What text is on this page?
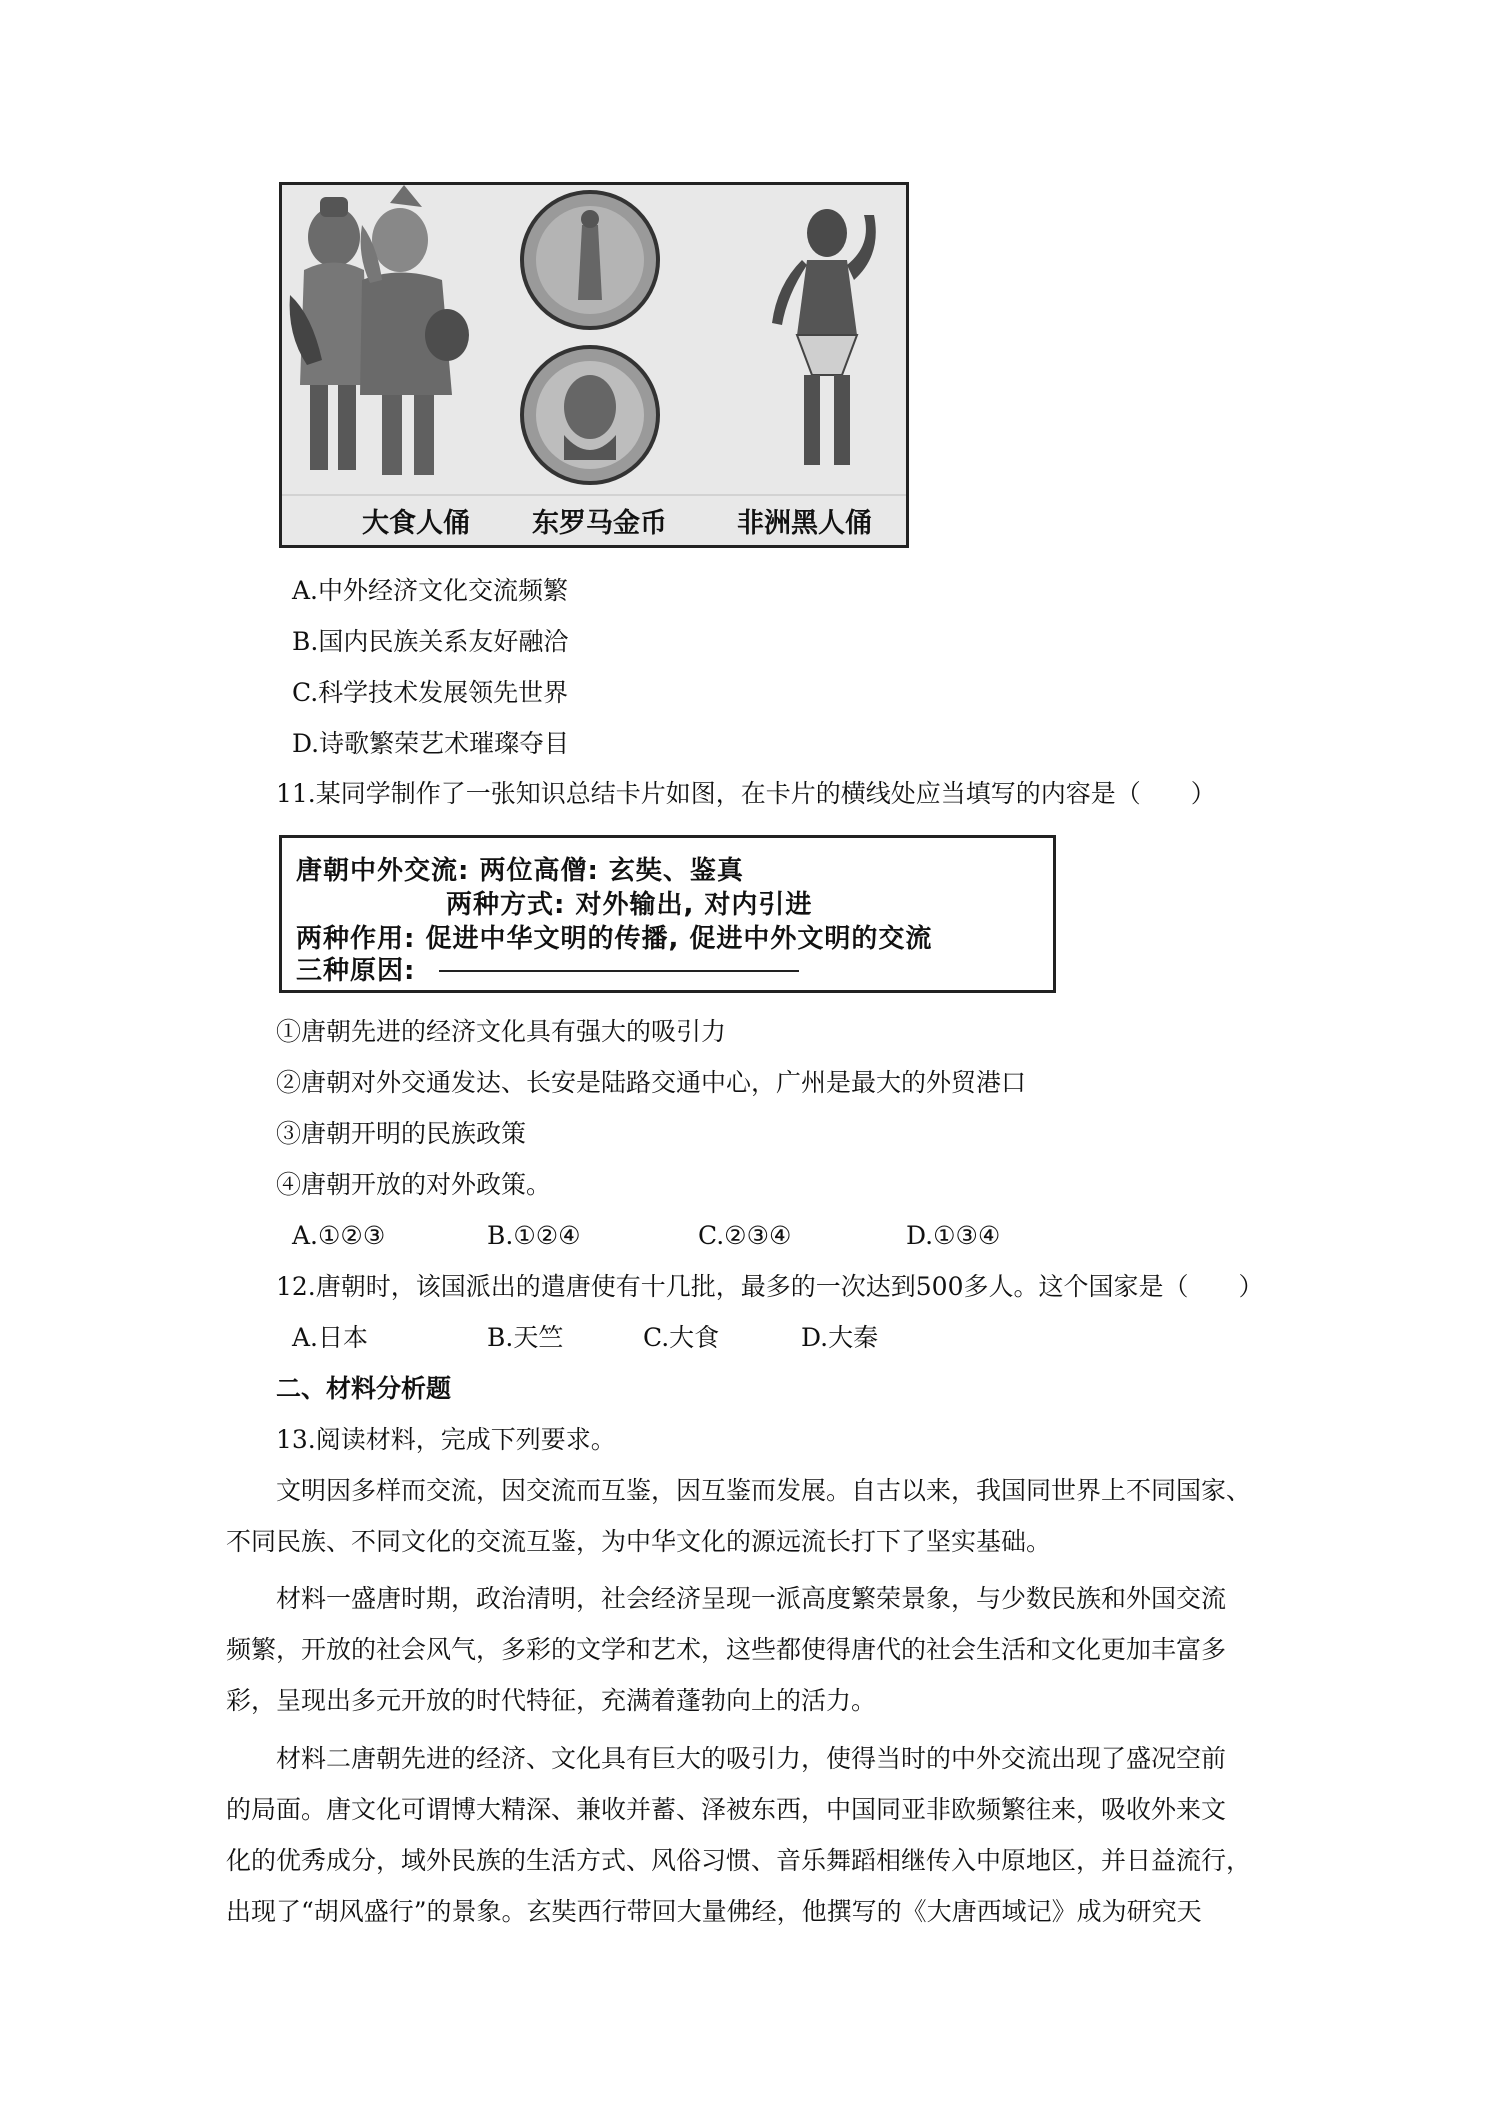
大食人俑 东罗马金币	非洲黑人俑
A.中外经济文化交流频繁
B.国内民族关系友好融洽
C.科学技术发展领先世界
D.诗歌繁荣艺术璀璨夺目
11.某同学制作了一张知识总结卡片如图，在卡片的横线处应当填写的内容是（　　）
唐朝中外交流: 两位高僧: 玄奘、鉴真
两种方式: 对外输出, 对内引进
两种作用: 促进中华文明的传播, 促进中外文明的交流
三种原因:
①唐朝先进的经济文化具有强大的吸引力
②唐朝对外交通发达、长安是陆路交通中心，广州是最大的外贸港口
③唐朝开明的民族政策
④唐朝开放的对外政策。
A.①②③	B.①②④	C.②③④	D.①③④
12.唐朝时，该国派出的遣唐使有十几批，最多的一次达到500多人。这个国家是（　　）
A.日本	B.天竺	C.大食	D.大秦
二、材料分析题
13.阅读材料，完成下列要求。
文明因多样而交流，因交流而互鉴，因互鉴而发展。自古以来，我国同世界上不同国家、
不同民族、不同文化的交流互鉴，为中华文化的源远流长打下了坚实基础。
材料一盛唐时期，政治清明，社会经济呈现一派高度繁荣景象，与少数民族和外国交流
频繁，开放的社会风气，多彩的文学和艺术，这些都使得唐代的社会生活和文化更加丰富多
彩，呈现出多元开放的时代特征，充满着蓬勃向上的活力。
材料二唐朝先进的经济、文化具有巨大的吸引力，使得当时的中外交流出现了盛况空前
的局面。唐文化可谓博大精深、兼收并蓄、泽被东西，中国同亚非欧频繁往来，吸收外来文
化的优秀成分，域外民族的生活方式、风俗习惯、音乐舞蹈相继传入中原地区，并日益流行，
出现了“胡风盛行”的景象。玄奘西行带回大量佛经，他撰写的《大唐西域记》成为研究天
